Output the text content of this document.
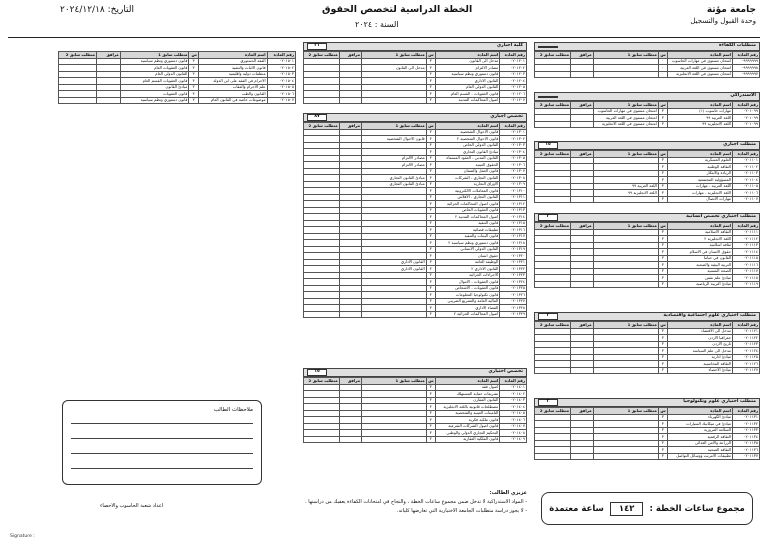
جامعة مؤتة
وحدة القبول والتسجيل
الخطة الدراسية لتخصص الحقوق
السنة : ٢٠٢٤
التاريخ: ٢٠٢٤/١٢/١٨
متطلبات الكفاءة
رقم المادة	اسم المادة	س	متطلب سابق 1	مرافق	متطلب سابق 2
٠٩٩٩٩٩٩٩	امتحان مستوى في مهارات الحاسوب	٠			
٠٩٩٩٩٩٩٨	امتحان مستوى في اللغة العربية	٠			
٠٩٩٩٩٩٩٧	امتحان مستوى في اللغة الانجليزية	٠			
الاستدراكي
رقم المادة	اسم المادة	س	متطلب سابق 1	مرافق	متطلب سابق 2
٠٢٠١٠٩٩	مهارات حاسوب (١)	٣	امتحان مستوى في مهارات الحاسوب		
٠٢٠١٠٩٩	اللغة العربية ٩٩	٣	امتحان مستوى في اللغة العربية		
٠٢٠١٠٩٩	اللغة الانجليزية ٩٩	٣	امتحان مستوى في اللغة الانجليزية		
متطلب اجباري
١٥
رقم المادة	اسم المادة	س	متطلب سابق 1	مرافق	متطلب سابق 2
٠٢٠١١٠١	العلوم العسكرية	٣			
٠٢٠١١٠٢	الثقافة الوطنية	٣			
٠٢٠١١٠٣	الريادة والابتكار	٣			
٠٢٠١١٠٤	المسؤولية المجتمعية	٣			
٠٢٠١١٠٥	اللغة العربية - مهارات	٣	اللغة العربية ٩٩		
٠٢٠١١٠٦	اللغة الانجليزية - مهارات	٣	اللغة الانجليزية ٩٩		
٠٢٠١١٠٧	مهارات الاتصال	٣			
متطلب اختياري تخصص انسانية
٣
رقم المادة	اسم المادة	س	متطلب سابق 1	مرافق	متطلب سابق 2
٠٢٠١١١١	الثقافة الاسلامية	٣			
٠٢٠١١١٢	اللغة الانجليزية ٢	٣			
٠٢٠١١١٣	ثقافة اسلامية	٣			
٠٢٠١١١٤	حقوق الانسان في الاسلام	٣			
٠٢٠١١١٥	القانون في حياتنا	٣			
٠٢٠١١١٦	التربية البيئية والصحية	٣			
٠٢٠١١١٧	الصحة النفسية	٣			
٠٢٠١١١٨	مبادئ علم نفس	٣			
٠٢٠١١١٩	مبادئ التربية الرياضية	٣			
متطلب اختياري علوم اجتماعية واقتصادية
٣
رقم المادة	اسم المادة	س	متطلب سابق 1	مرافق	متطلب سابق 2
٠٢٠١١٢١	مدخل الى الاقتصاد	٣			
٠٢٠١١٢٢	جغرافيا الاردن	٣			
٠٢٠١١٢٣	تاريخ الاردن	٣			
٠٢٠١١٢٤	مدخل الى علم السياسة	٣			
٠٢٠١١٢٥	مبادئ ادارية	٣			
٠٢٠١١٢٦	الثقافة المحاسبية	٣			
٠٢٠١١٢٧	مبادئ الاحصاء	٣			
متطلب اختياري علوم وتكنولوجيا
٣
رقم المادة	اسم المادة	س	متطلب سابق 1	مرافق	متطلب سابق 2
٠٢٠١١٣١	مبادئ الكهرباء	٣			
٠٢٠١١٣٢	مبادئ في ميكانيك السيارات	٣			
٠٢٠١١٣٣	السلامة المرورية	٣			
٠٢٠١١٣٤	الثقافة الرقمية	٣			
٠٢٠١١٣٥	الزراعة والأمن الغذائي	٣			
٠٢٠١١٣٦	الثقافة الصحية	٣			
٠٢٠١١٣٧	تطبيقات الانترنت ووسائل التواصل	٣			
كلية اجباري
٢١
رقم المادة	اسم المادة	س	متطلب سابق 1	مرافق	متطلب سابق 2
٠٢٠١٢٠١	مدخل الى القانون	٣			
٠٢٠١٢٠٢	مصادر الالتزام	٣	مدخل الى القانون		
٠٢٠١٢٠٣	قانون دستوري ونظم سياسية	٣			
٠٢٠١٢٠٤	القانون الاداري	٣			
٠٢٠١٢٠٥	القانون الدولي العام	٣			
٠٢٠١٢٠٦	قانون العقوبات - القسم العام	٣			
٠٢٠١٢٠٧	اصول المحاكمات المدنية	٣			
تخصص اجباري
٨٧
رقم المادة	اسم المادة	س	متطلب سابق 1	مرافق	متطلب سابق 2
٠٢٠١٣٠١	قانون الاحوال الشخصية	٣			
٠٢٠١٣٠٢	قانون الاحوال الشخصية ٢	٣	قانون الاحوال الشخصية		
٠٢٠١٣٠٣	القانون الدولي الخاص	٣			
٠٢٠١٣٠٤	مبادئ القانون التجاري	٣			
٠٢٠١٣٠٥	القانون المدني - العقود المسماة	٣	مصادر الالتزام		
٠٢٠١٣٠٦	الحقوق العينية	٣	مصادر الالتزام		
٠٢٠١٣٠٧	قانون العمل والضمان	٣			
٠٢٠١٣٠٨	القانون التجاري - الشركات	٣	مبادئ القانون التجاري		
٠٢٠١٣٠٩	الاوراق التجارية	٣	مبادئ القانون التجاري		
٠٢٠١٣١٠	قانون المعاملات الالكترونية	٣			
٠٢٠١٣١١	القانون التجاري - الافلاس	٣			
٠٢٠١٣١٢	قانون اصول المحاكمات الجزائية	٣			
٠٢٠١٣١٣	قانون العقوبات الخاص	٣			
٠٢٠١٣١٤	اصول المحاكمات المدنية ٢	٣			
٠٢٠١٣١٥	قانون التنفيذ	٣			
٠٢٠١٣١٦	تطبيقات قضائية	٣			
٠٢٠١٣١٧	قانون البينات والتنفيذ	٣			
٠٢٠١٣١٨	قانون دستوري ونظم سياسية ٢	٣			
٠٢٠١٣١٩	القانون الدولي الانساني	٣			
٠٢٠١٣٢٠	حقوق انسان	٣			
٠٢٠١٣٢١	الوظيفة العامة	٣	القانون الاداري		
٠٢٠١٣٢٢	القانون الاداري ٢	٣	القانون الاداري		
٠٢٠١٣٢٣	الاجراءات الجزائية	٣			
٠٢٠١٣٢٤	قانون العقوبات - الاموال	٣			
٠٢٠١٣٢٥	قانون العقوبات - الاشخاص	٣			
٠٢٠١٣٢٦	قانون تكنولوجيا المعلومات	٣			
٠٢٠١٣٢٧	المالية العامة والتشريع الضريبي	٣			
٠٢٠١٣٢٨	القضاء الاداري	٣			
٠٢٠١٣٢٩	اصول المحاكمات الجزائية ٢	٣			
تخصص اختياري
١٥
رقم المادة	اسم المادة	س	متطلب سابق 1	مرافق	متطلب سابق 2
٠٢٠١٤٠١	اصول فقه	٣			
٠٢٠١٤٠٢	تشريعات حماية المستهلك	٣			
٠٢٠١٤٠٣	القانون المقارن	٣			
٠٢٠١٤٠٤	مصطلحات قانونية باللغة الانجليزية	٣			
٠٢٠١٤٠٥	التأمينات العينية والشخصية	٣			
٠٢٠١٤٠٦	قانون ملكية فكرية	٣			
٠٢٠١٤٠٧	قانون اصول الشركات الشرعية	٣			
٠٢٠١٤٠٨	التحكيم التجاري الدولي والوطني	٣			
٠٢٠١٤٠٩	قانون الملكية العقارية	٣			
رقم المادة	اسم المادة	س	متطلب سابق 1	مرافق	متطلب سابق 2
٠٢٠١٥٠١	الفقه الدستوري	٣	قانون دستوري ونظم سياسية		
٠٢٠١٥٠٢	قانون الاثبات والتنفيذ	٣	قانون العقوبات العام		
٠٢٠١٥٠٣	منظمات دولية وأقليمية	٣	القانون الدولي العام		
٠٢٠١٥٠٤	الاجرام في الفقه على ابن الدولة	٣	قانون العقوبات القسم العام		
٠٢٠١٥٠٥	علم الاجرام والعقاب	٣	مبادئ القانون		
٠٢٠١٥٠٦	القانون والطب	٣	قانون العقوبات		
٠٢٠١٥٠٧	موضوعات خاصة في القانون العام	٣	قانون دستوري ونظم سياسية		
ملاحظات الطالب
عزيزي الطالب:
- المواد الاستدراكية لا تدخل ضمن مجموع ساعات الخطة ، والنجاح في امتحانات الكفاءة يعفيك من دراستها .
- لا يجوز دراسة متطلبات الجامعة الاختيارية التي تعارضها كلياته.	مجموع ساعات الخطة :
١٤٢
ساعة معتمدة
اعداد شعبة الحاسوب والاحصاء
Signature :
